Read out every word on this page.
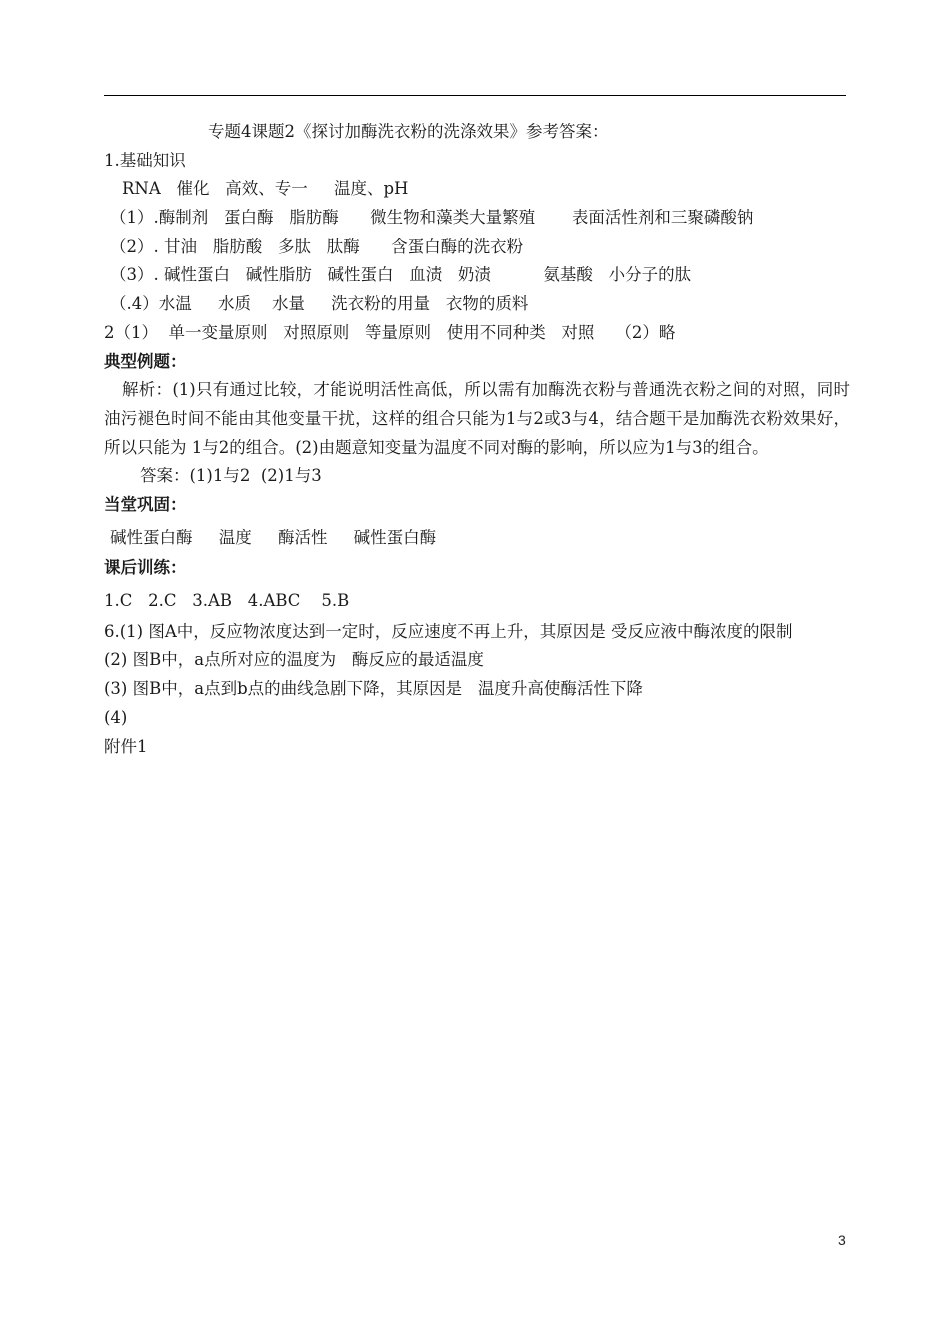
专题4课题2《探讨加酶洗衣粉的洗涤效果》参考答案：
1.基础知识
RNA   催化   高效、专一     温度、pH
（1）.酶制剂   蛋白酶   脂肪酶      微生物和藻类大量繁殖       表面活性剂和三聚磷酸钠
（2）. 甘油   脂肪酸   多肽   肽酶      含蛋白酶的洗衣粉
（3）. 碱性蛋白   碱性脂肪   碱性蛋白   血渍   奶渍          氨基酸   小分子的肽
（.4）水温     水质    水量     洗衣粉的用量   衣物的质料
2（1）  单一变量原则   对照原则   等量原则   使用不同种类   对照    （2）略
典型例题：
解析：(1)只有通过比较，才能说明活性高低，所以需有加酶洗衣粉与普通洗衣粉之间的对照，同时油污褪色时间不能由其他变量干扰，这样的组合只能为1与2或3与4，结合题干是加酶洗衣粉效果好，所以只能为 1与2的组合。(2)由题意知变量为温度不同对酶的影响，所以应为1与3的组合。
答案：(1)1与2  (2)1与3
当堂巩固：
碱性蛋白酶     温度     酶活性     碱性蛋白酶
课后训练：
1.C   2.C   3.AB   4.ABC    5.B
6.(1) 图A中，反应物浓度达到一定时，反应速度不再上升，其原因是 受反应液中酶浓度的限制
(2) 图B中，a点所对应的温度为   酶反应的最适温度
(3) 图B中，a点到b点的曲线急剧下降，其原因是   温度升高使酶活性下降
(4)
附件1
3
